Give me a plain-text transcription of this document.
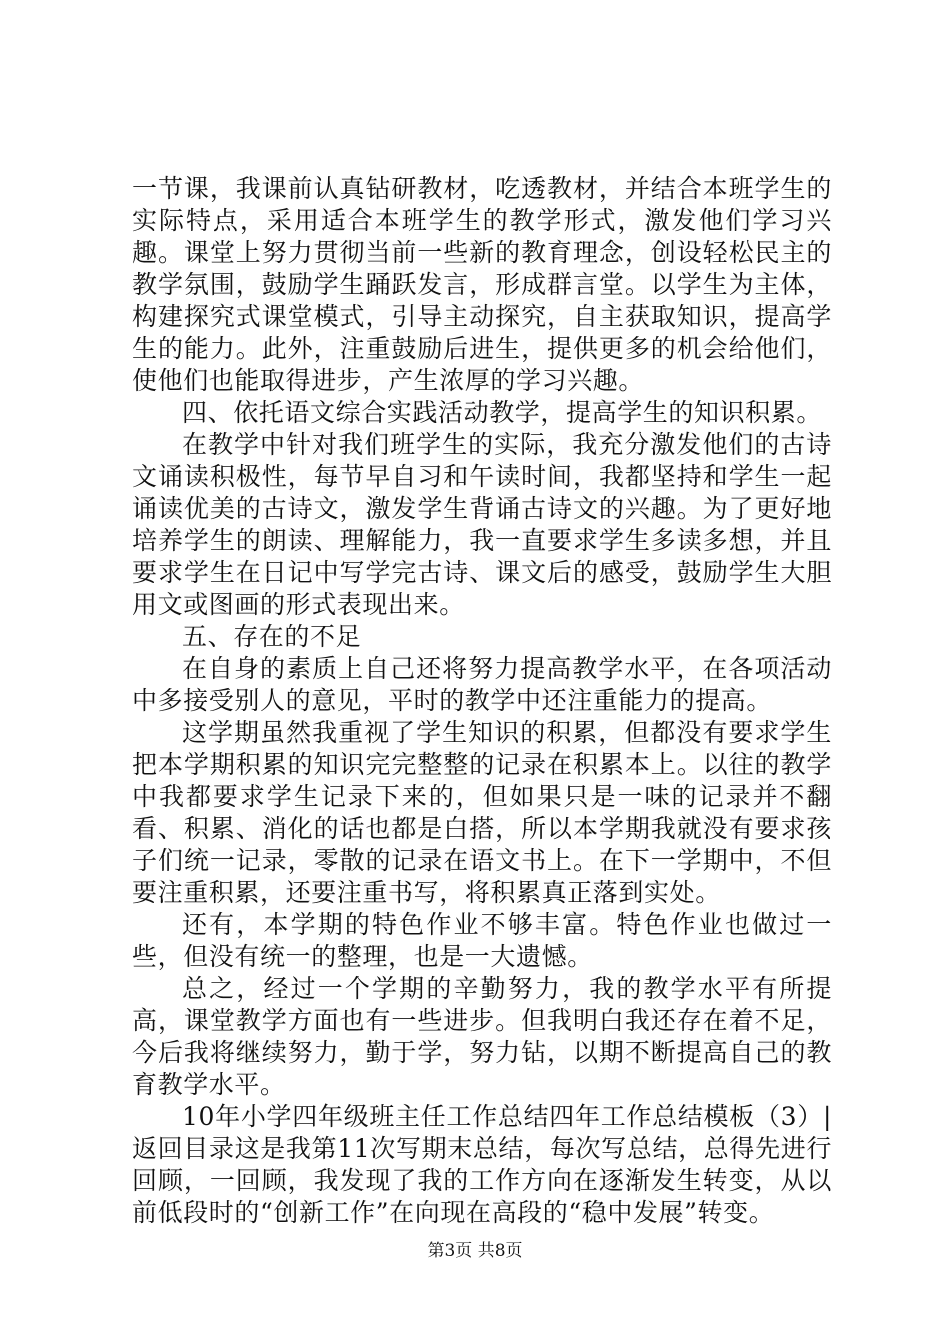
一节课，我课前认真钻研教材，吃透教材，并结合本班学生的实际特点，采用适合本班学生的教学形式，激发他们学习兴趣。课堂上努力贯彻当前一些新的教育理念，创设轻松民主的教学氛围，鼓励学生踊跃发言，形成群言堂。以学生为主体，构建探究式课堂模式，引导主动探究，自主获取知识，提高学生的能力。此外，注重鼓励后进生，提供更多的机会给他们，使他们也能取得进步，产生浓厚的学习兴趣。

四、依托语文综合实践活动教学，提高学生的知识积累。

在教学中针对我们班学生的实际，我充分激发他们的古诗文诵读积极性，每节早自习和午读时间，我都坚持和学生一起诵读优美的古诗文，激发学生背诵古诗文的兴趣。为了更好地培养学生的朗读、理解能力，我一直要求学生多读多想，并且要求学生在日记中写学完古诗、课文后的感受，鼓励学生大胆用文或图画的形式表现出来。

五、存在的不足

在自身的素质上自己还将努力提高教学水平，在各项活动中多接受别人的意见，平时的教学中还注重能力的提高。

这学期虽然我重视了学生知识的积累，但都没有要求学生把本学期积累的知识完完整整的记录在积累本上。以往的教学中我都要求学生记录下来的，但如果只是一味的记录并不翻看、积累、消化的话也都是白搭，所以本学期我就没有要求孩子们统一记录，零散的记录在语文书上。在下一学期中，不但要注重积累，还要注重书写，将积累真正落到实处。

还有，本学期的特色作业不够丰富。特色作业也做过一些，但没有统一的整理，也是一大遗憾。

总之，经过一个学期的辛勤努力，我的教学水平有所提高，课堂教学方面也有一些进步。但我明白我还存在着不足，今后我将继续努力，勤于学，努力钻，以期不断提高自己的教育教学水平。

10年小学四年级班主任工作总结四年工作总结模板（3）|返回目录这是我第11次写期末总结，每次写总结，总得先进行回顾，一回顾，我发现了我的工作方向在逐渐发生转变，从以前低段时的“创新工作”在向现在高段的“稳中发展”转变。

第3页 共8页
